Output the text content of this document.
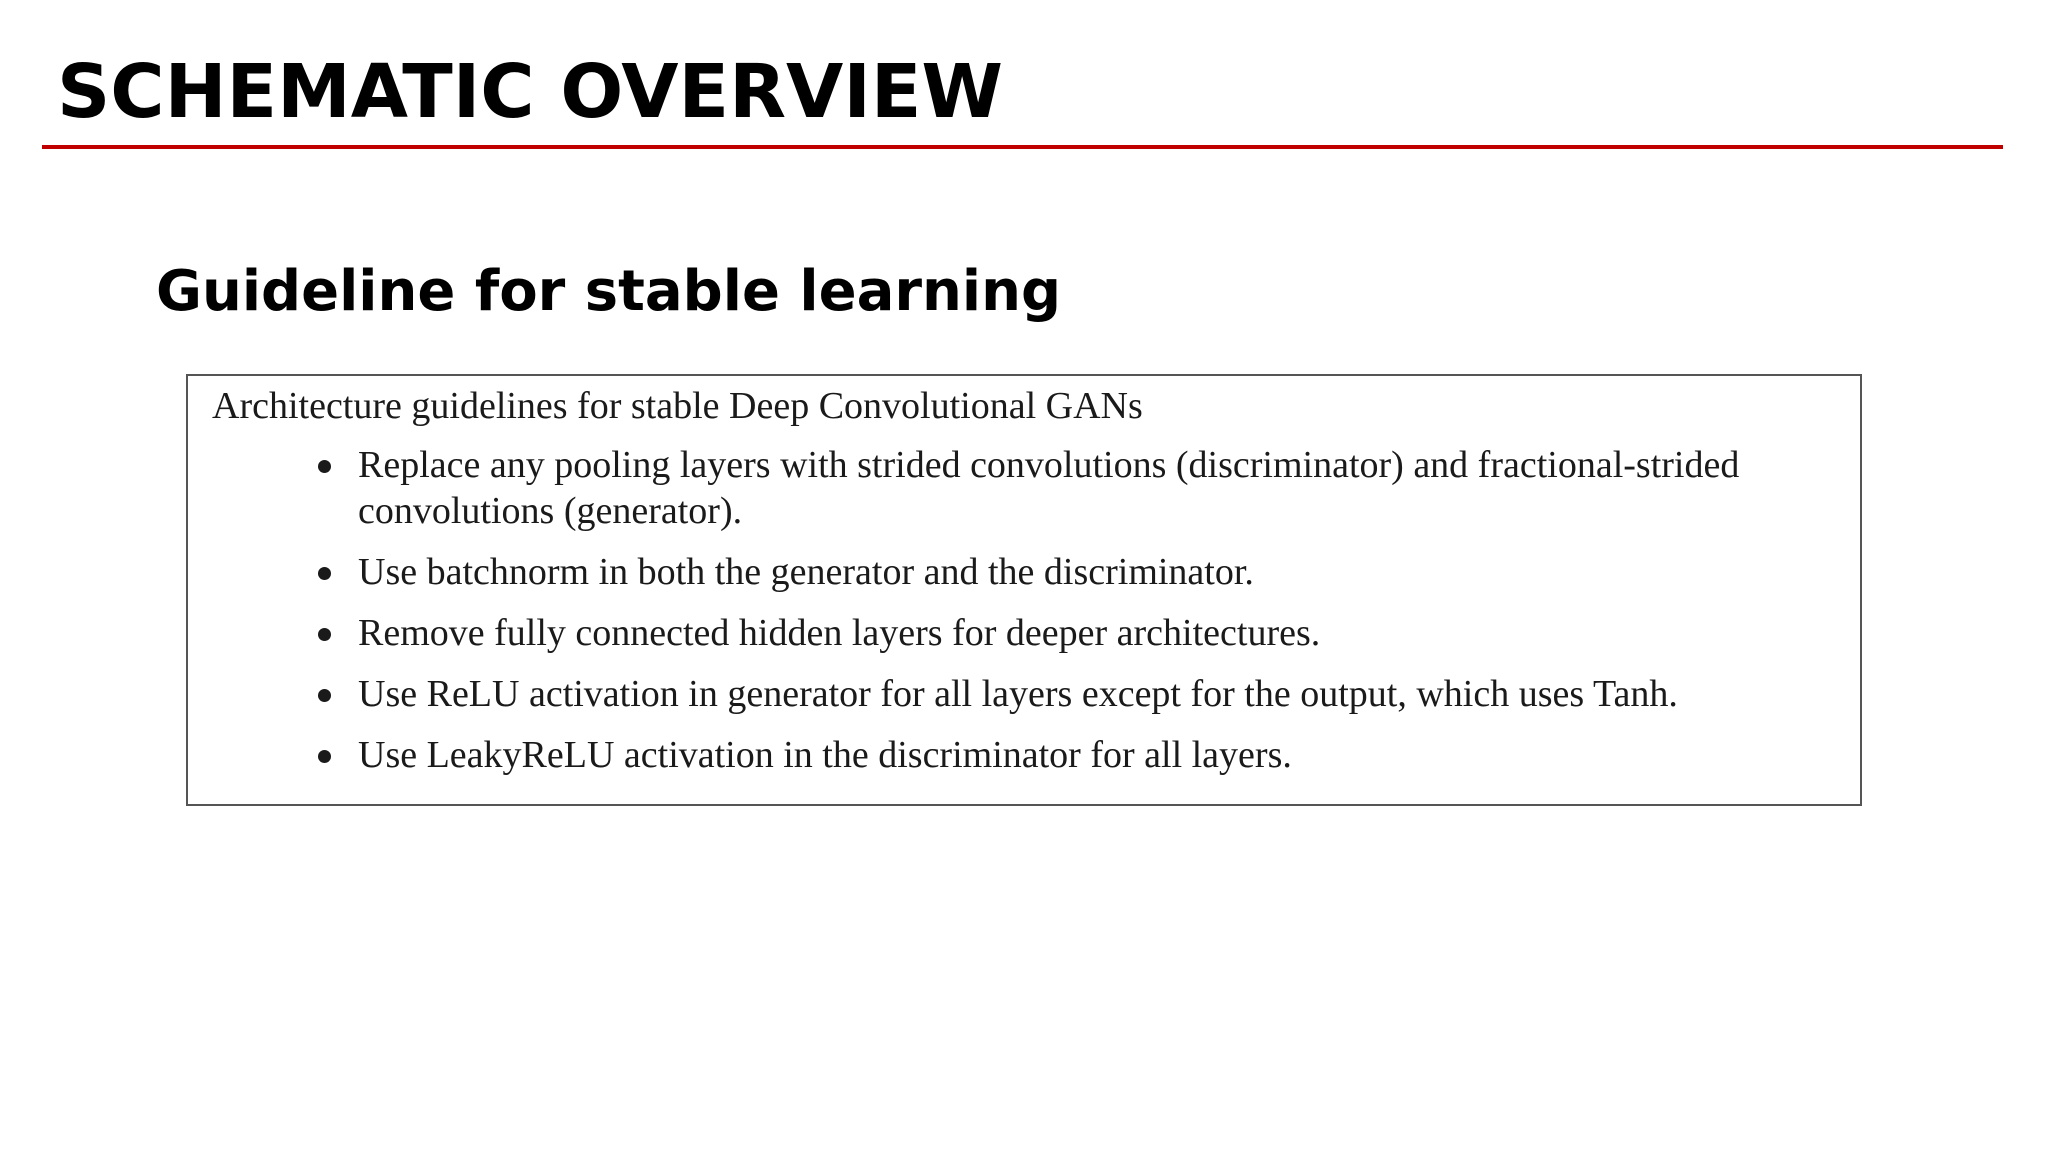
SCHEMATIC OVERVIEW
Guideline for stable learning
Architecture guidelines for stable Deep Convolutional GANs
Replace any pooling layers with strided convolutions (discriminator) and fractional-strided convolutions (generator).
Use batchnorm in both the generator and the discriminator.
Remove fully connected hidden layers for deeper architectures.
Use ReLU activation in generator for all layers except for the output, which uses Tanh.
Use LeakyReLU activation in the discriminator for all layers.
